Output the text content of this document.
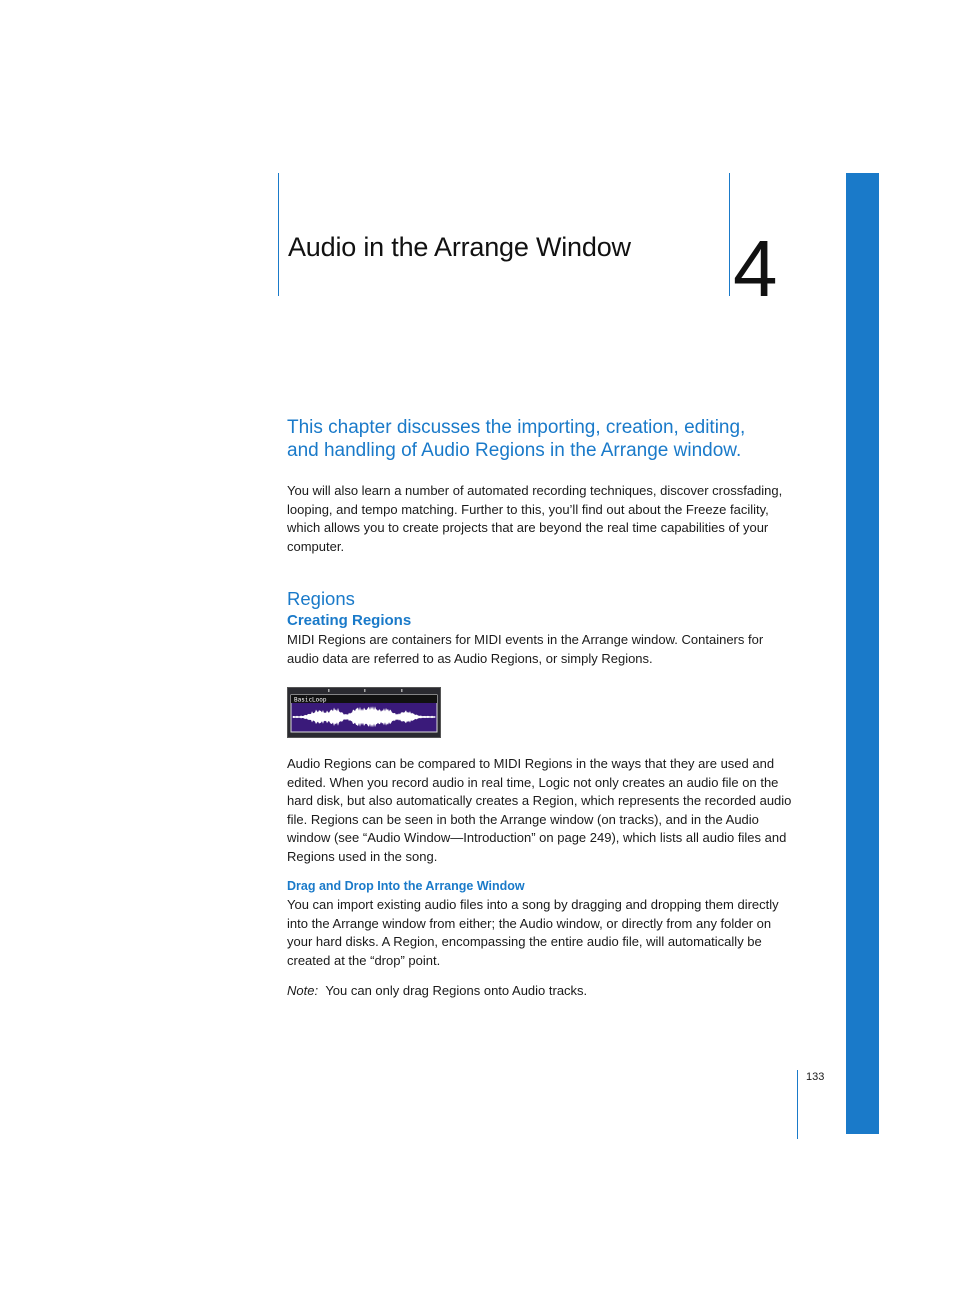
Audio in the Arrange Window 4
This chapter discusses the importing, creation, editing,
and handling of Audio Regions in the Arrange window.

You will also learn a number of automated recording techniques, discover crossfading,
looping, and tempo matching. Further to this, you’ll find out about the Freeze facility,
which allows you to create projects that are beyond the real time capabilities of your
computer.

Regions
Creating Regions

MIDI Regions are containers for MIDI events in the Arrange window. Containers for
audio data are referred to as Audio Regions, or simply Regions.

BasicLoop

Audio Regions can be compared to MIDI Regions in the ways that they are used and
edited. When you record audio in real time, Logic not only creates an audio file on the
hard disk, but also automatically creates a Region, which represents the recorded audio
file. Regions can be seen in both the Arrange window (on tracks), and in the Audio
window (see “Audio Window—Introduction” on page 249), which lists all audio files and
Regions used in the song.

Drag and Drop Into the Arrange Window

You can import existing audio files into a song by dragging and dropping them directly
into the Arrange window from either; the Audio window, or directly from any folder on
your hard disks. A Region, encompassing the entire audio file, will automatically be
created at the “drop” point.

Note: You can only drag Regions onto Audio tracks.

133
